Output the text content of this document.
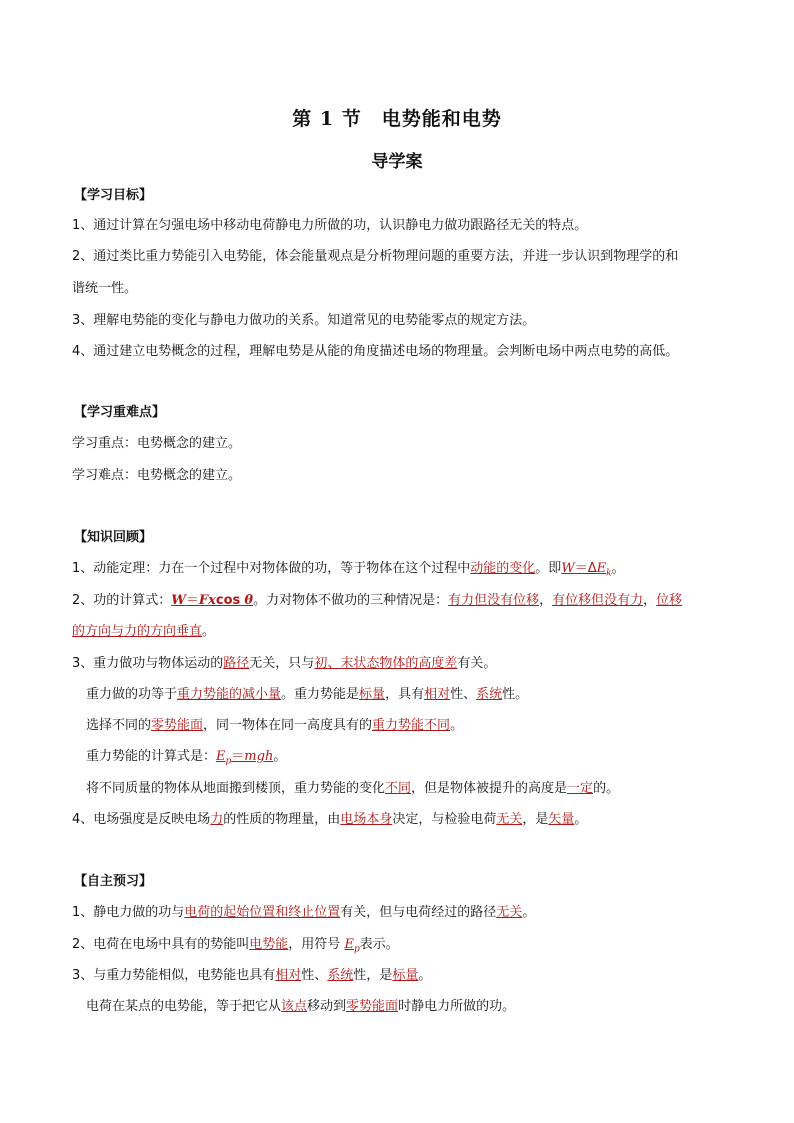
第 1 节　电势能和电势
导学案
【学习目标】
1、通过计算在匀强电场中移动电荷静电力所做的功，认识静电力做功跟路径无关的特点。
2、通过类比重力势能引入电势能，体会能量观点是分析物理问题的重要方法，并进一步认识到物理学的和
谐统一性。
3、理解电势能的变化与静电力做功的关系。知道常见的电势能零点的规定方法。
4、通过建立电势概念的过程，理解电势是从能的角度描述电场的物理量。会判断电场中两点电势的高低。
【学习重难点】
学习重点：电势概念的建立。
学习难点：电势概念的建立。
【知识回顾】
1、动能定理：力在一个过程中对物体做的功，等于物体在这个过程中动能的变化。即$W=\Delta E_k$。
2、功的计算式：W＝Fxcos θ。力对物体不做功的三种情况是：有力但没有位移，有位移但没有力，位移
的方向与力的方向垂直。
3、重力做功与物体运动的路径无关，只与初、末状态物体的高度差有关。
重力做的功等于重力势能的减小量。重力势能是标量，具有相对性、系统性。
选择不同的零势能面，同一物体在同一高度具有的重力势能不同。
重力势能的计算式是：$E_p=mgh$。
将不同质量的物体从地面搬到楼顶，重力势能的变化不同，但是物体被提升的高度是一定的。
4、电场强度是反映电场力的性质的物理量，由电场本身决定，与检验电荷无关，是矢量。
【自主预习】
1、静电力做的功与电荷的起始位置和终止位置有关，但与电荷经过的路径无关。
2、电荷在电场中具有的势能叫电势能，用符号 $E_p$表示。
3、与重力势能相似，电势能也具有相对性、系统性，是标量。
电荷在某点的电势能，等于把它从该点移动到零势能面时静电力所做的功。
